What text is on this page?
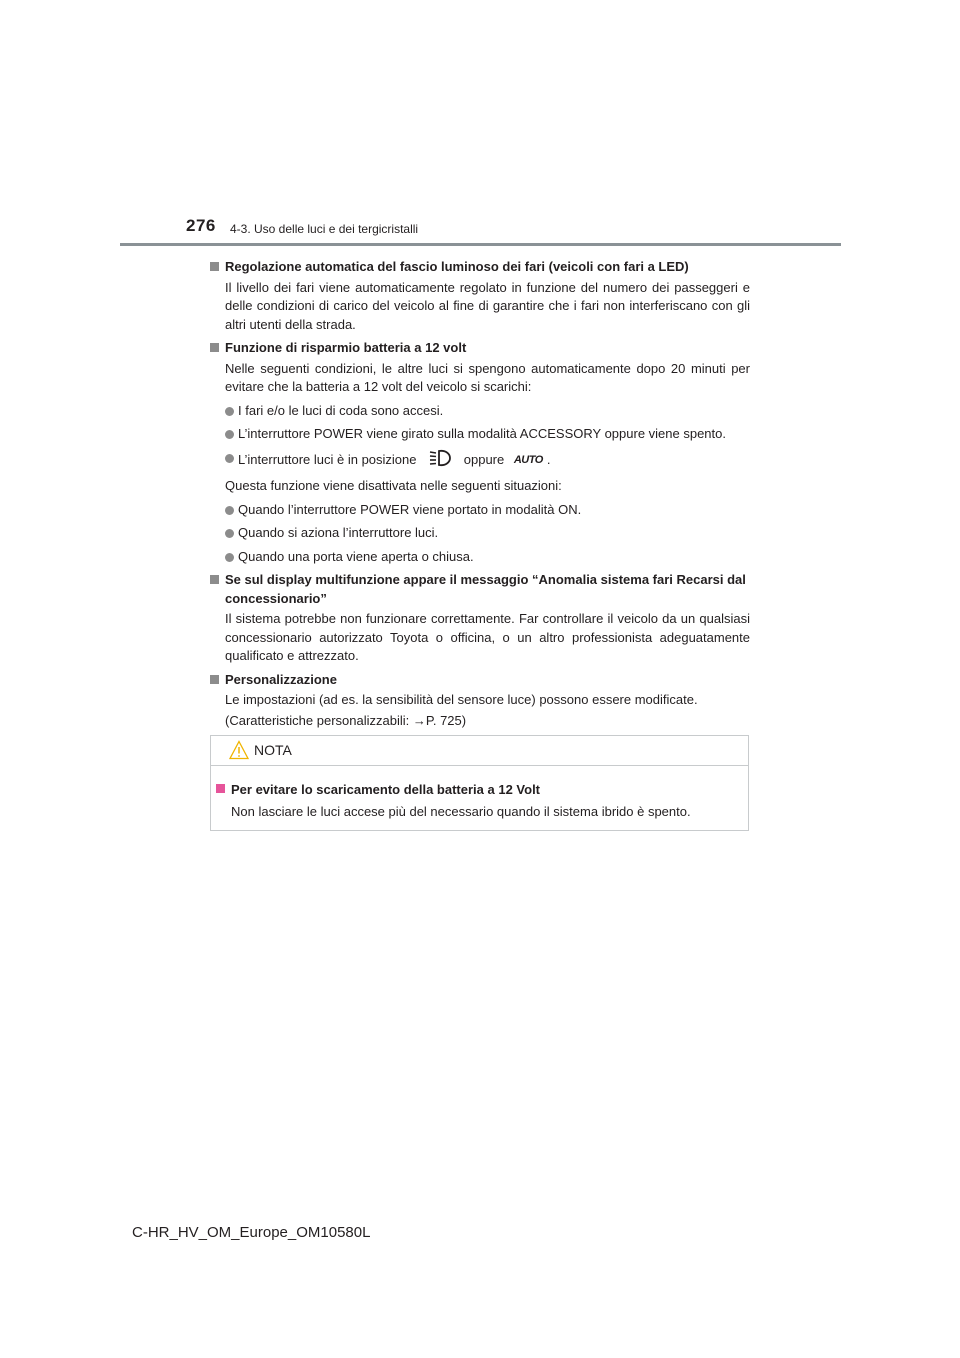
276 4-3. Uso delle luci e dei tergicristalli
Regolazione automatica del fascio luminoso dei fari (veicoli con fari a LED)
Il livello dei fari viene automaticamente regolato in funzione del numero dei passeggeri e delle condizioni di carico del veicolo al fine di garantire che i fari non interferiscano con gli altri utenti della strada.
Funzione di risparmio batteria a 12 volt
Nelle seguenti condizioni, le altre luci si spengono automaticamente dopo 20 minuti per evitare che la batteria a 12 volt del veicolo si scarichi:
I fari e/o le luci di coda sono accesi.
L’interruttore POWER viene girato sulla modalità ACCESSORY oppure viene spento.
L’interruttore luci è in posizione	oppure AUTO .
Questa funzione viene disattivata nelle seguenti situazioni:
Quando l’interruttore POWER viene portato in modalità ON.
Quando si aziona l’interruttore luci.
Quando una porta viene aperta o chiusa.
Se sul display multifunzione appare il messaggio “Anomalia sistema fari Recarsi dal concessionario”
Il sistema potrebbe non funzionare correttamente. Far controllare il veicolo da un qualsiasi concessionario autorizzato Toyota o officina, o un altro professionista adeguatamente qualificato e attrezzato.
Personalizzazione
Le impostazioni (ad es. la sensibilità del sensore luce) possono essere modificate.
(Caratteristiche personalizzabili: →P. 725)
NOTA
Per evitare lo scaricamento della batteria a 12 Volt
Non lasciare le luci accese più del necessario quando il sistema ibrido è spento.
C-HR_HV_OM_Europe_OM10580L
